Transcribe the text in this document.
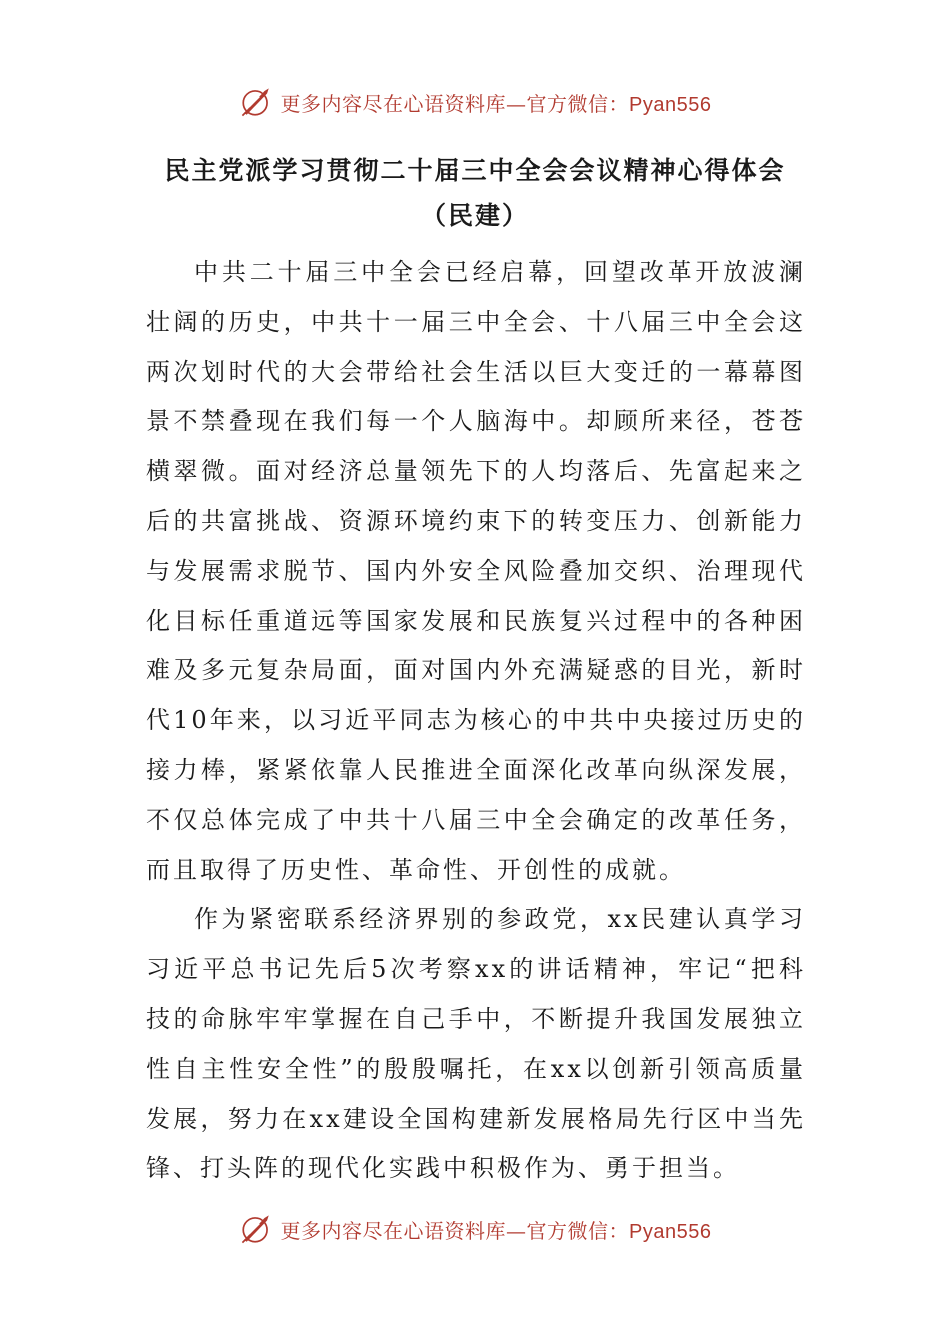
更多内容尽在心语资料库—官方微信：Pyan556
民主党派学习贯彻二十届三中全会会议精神心得体会（民建）

中共二十届三中全会已经启幕，回望改革开放波澜壮阔的历史，中共十一届三中全会、十八届三中全会这两次划时代的大会带给社会生活以巨大变迁的一幕幕图景不禁叠现在我们每一个人脑海中。却顾所来径，苍苍横翠微。面对经济总量领先下的人均落后、先富起来之后的共富挑战、资源环境约束下的转变压力、创新能力与发展需求脱节、国内外安全风险叠加交织、治理现代化目标任重道远等国家发展和民族复兴过程中的各种困难及多元复杂局面，面对国内外充满疑惑的目光，新时代10年来，以习近平同志为核心的中共中央接过历史的接力棒，紧紧依靠人民推进全面深化改革向纵深发展，不仅总体完成了中共十八届三中全会确定的改革任务，而且取得了历史性、革命性、开创性的成就。

作为紧密联系经济界别的参政党，xx民建认真学习习近平总书记先后5次考察xx的讲话精神，牢记“把科技的命脉牢牢掌握在自己手中，不断提升我国发展独立性自主性安全性”的殷殷嘱托，在xx以创新引领高质量发展，努力在xx建设全国构建新发展格局先行区中当先锋、打头阵的现代化实践中积极作为、勇于担当。

更多内容尽在心语资料库—官方微信：Pyan556
